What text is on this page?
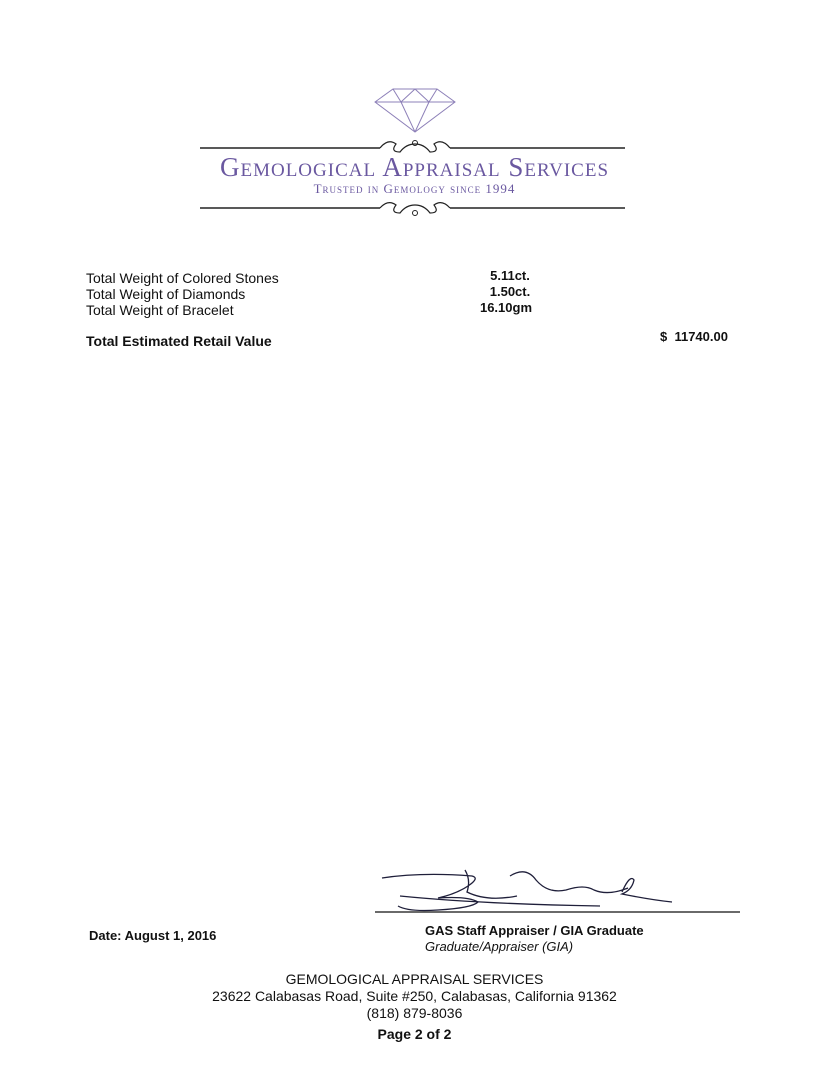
Gemological Appraisal Services
Trusted in Gemology since 1994
Total Weight of Colored Stones	5.11ct.
Total Weight of Diamonds	1.50ct.
Total Weight of Bracelet	16.10gm
Total Estimated Retail Value	$  11740.00
Date: August 1, 2016	GAS Staff Appraiser / GIA Graduate
Graduate/Appraiser (GIA)
GEMOLOGICAL APPRAISAL SERVICES
23622 Calabasas Road, Suite #250, Calabasas, California 91362
(818) 879-8036
Page 2 of 2
